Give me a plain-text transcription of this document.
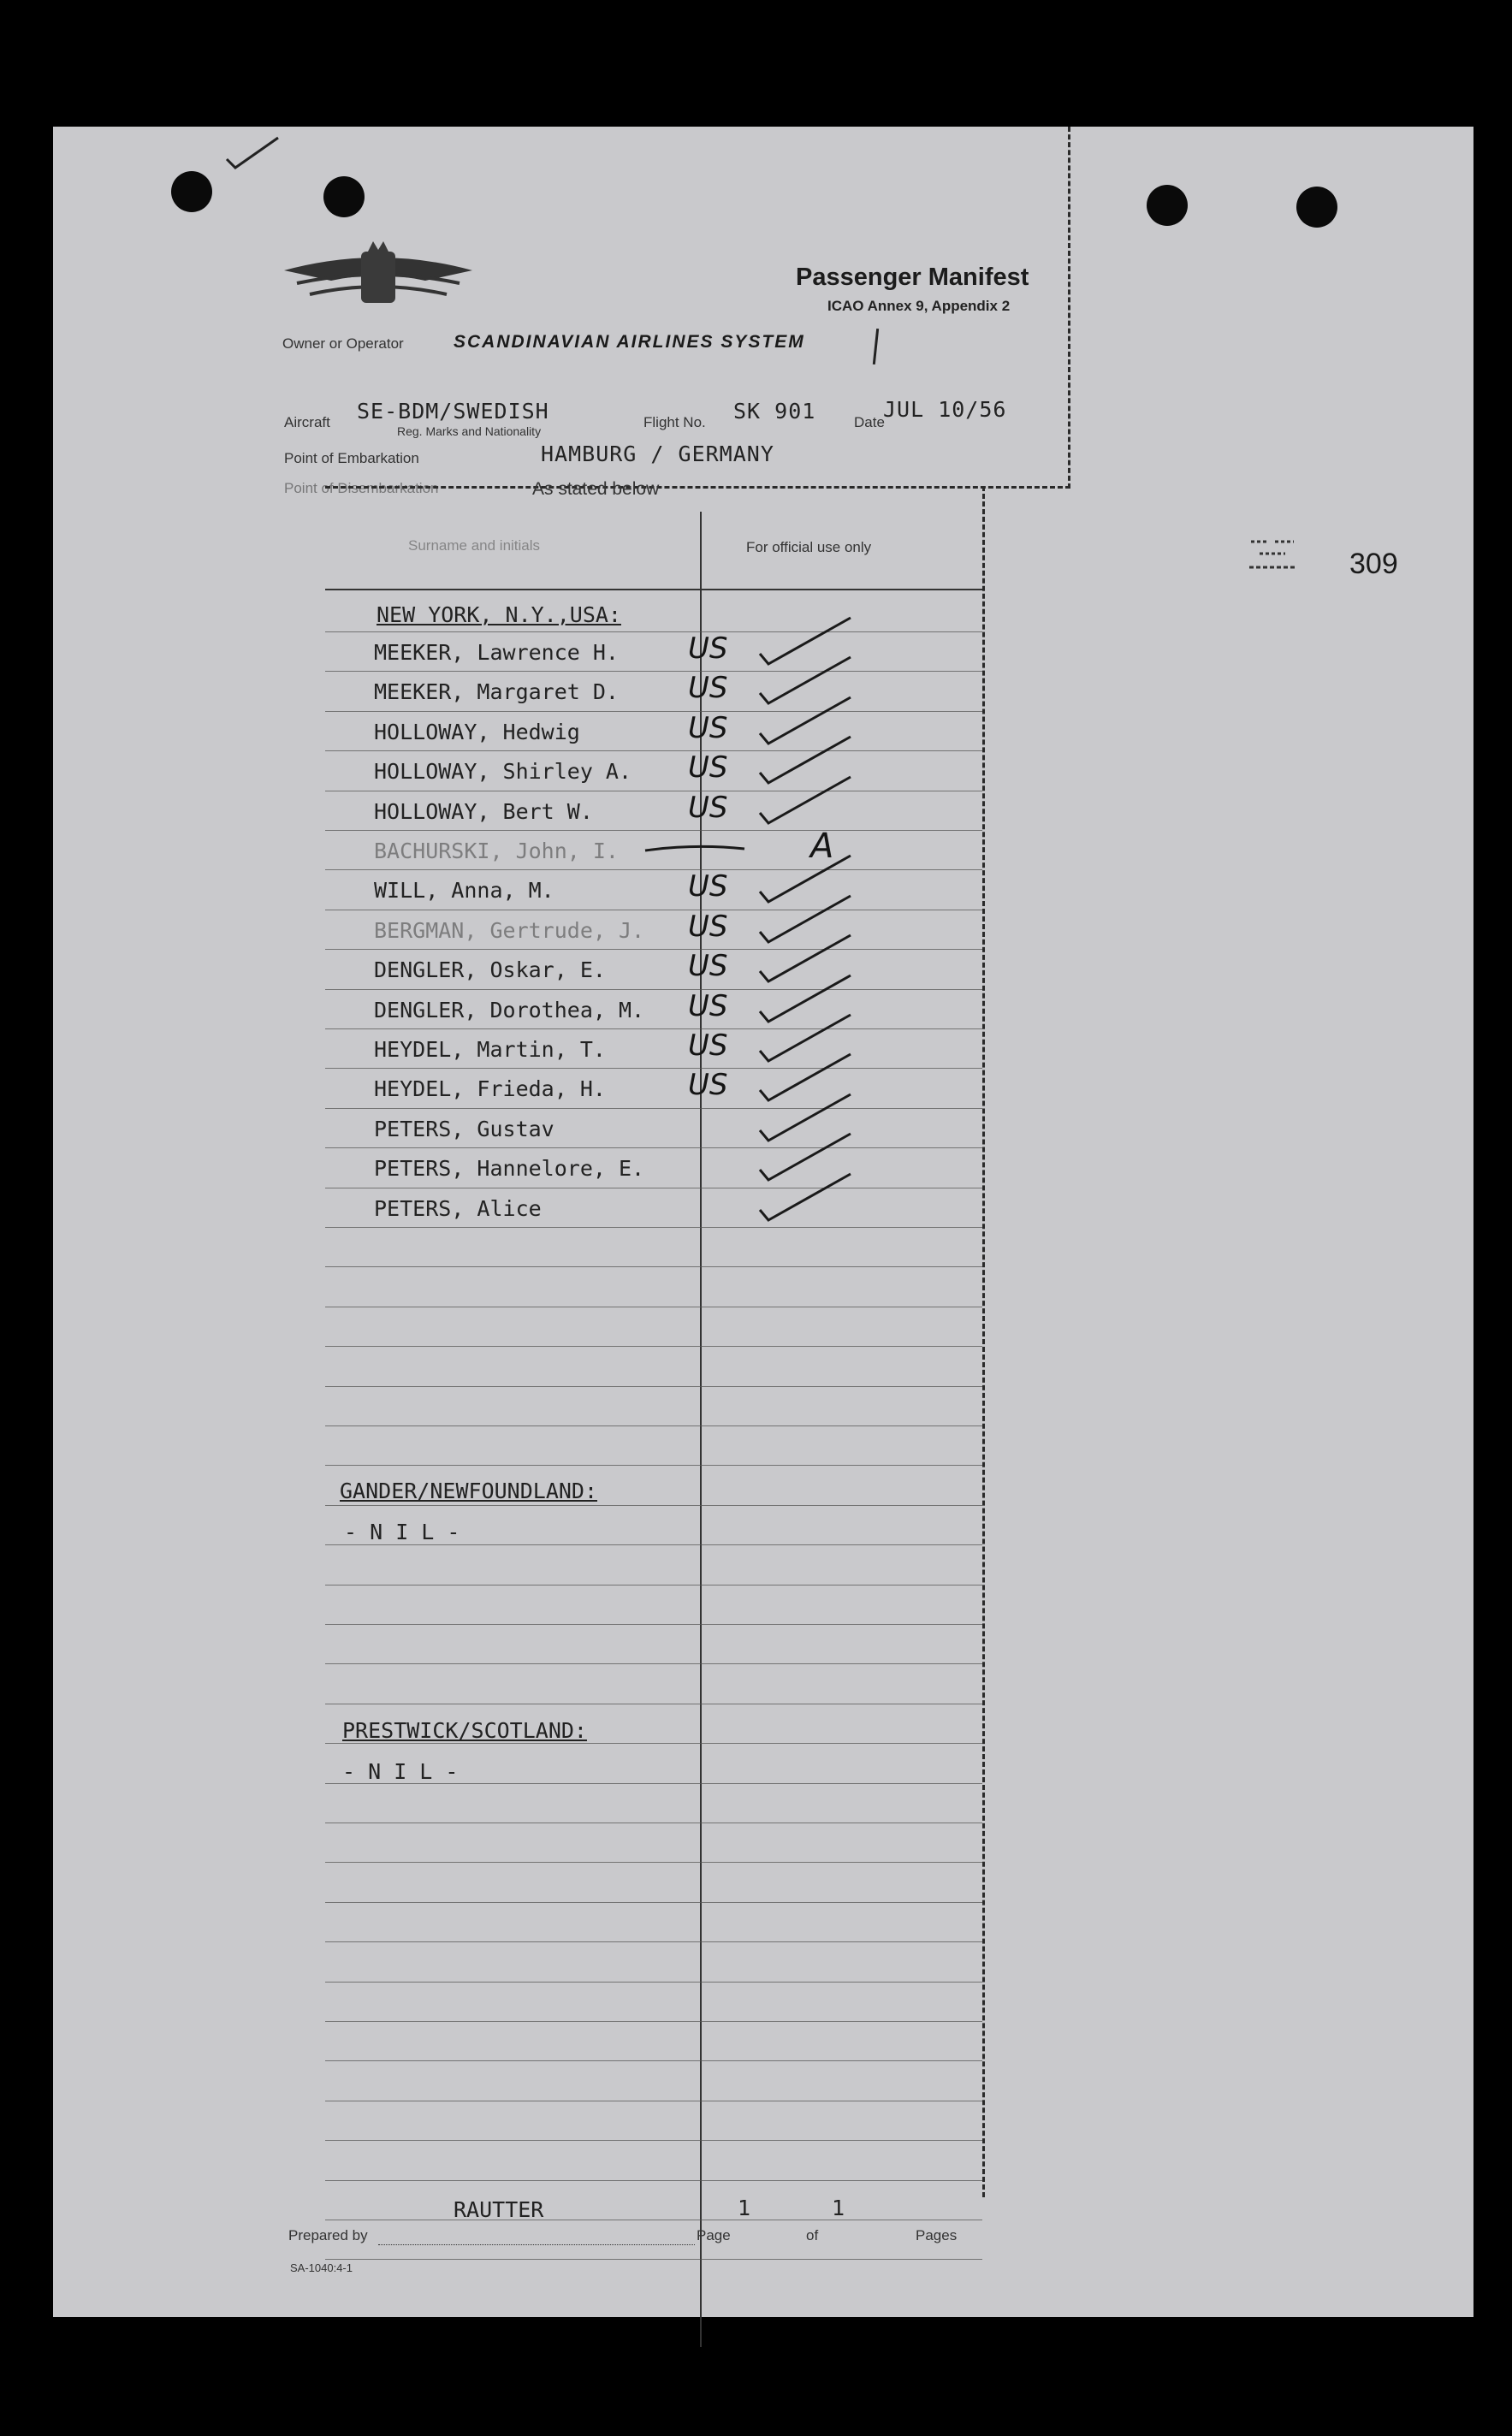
Passenger Manifest
ICAO Annex 9, Appendix 2
Owner or Operator	SCANDINAVIAN AIRLINES SYSTEM
Aircraft SE-BDM/SWEDISH
Reg. Marks and Nationality
Flight No. SK 901	Date
JUL 10/56
Point of Embarkation	HAMBURG / GERMANY
Point of Disembarkation	As stated below
Surname and initials	For official use only
NEW YORK, N.Y.,USA:
MEEKER, Lawrence H. US
MEEKER, Margaret D. US
HOLLOWAY, Hedwig	US
HOLLOWAY, Shirley A. US
HOLLOWAY, Bert W.	US
BACHURSKI, John, I.	A
WILL, Anna, M.	US
BERGMAN, Gertrude, J. US
DENGLER, Oskar, E.	US
DENGLER, Dorothea, M. US
HEYDEL, Martin, T.	US
HEYDEL, Frieda, H.	US
PETERS, Gustav
PETERS, Hannelore, E.
PETERS, Alice
GANDER/NEWFOUNDLAND:
- N I L -
PRESTWICK/SCOTLAND:
- N I L -
RAUTTER
Prepared by
1
Page
1
of	Pages
SA-1040:4-1
309
